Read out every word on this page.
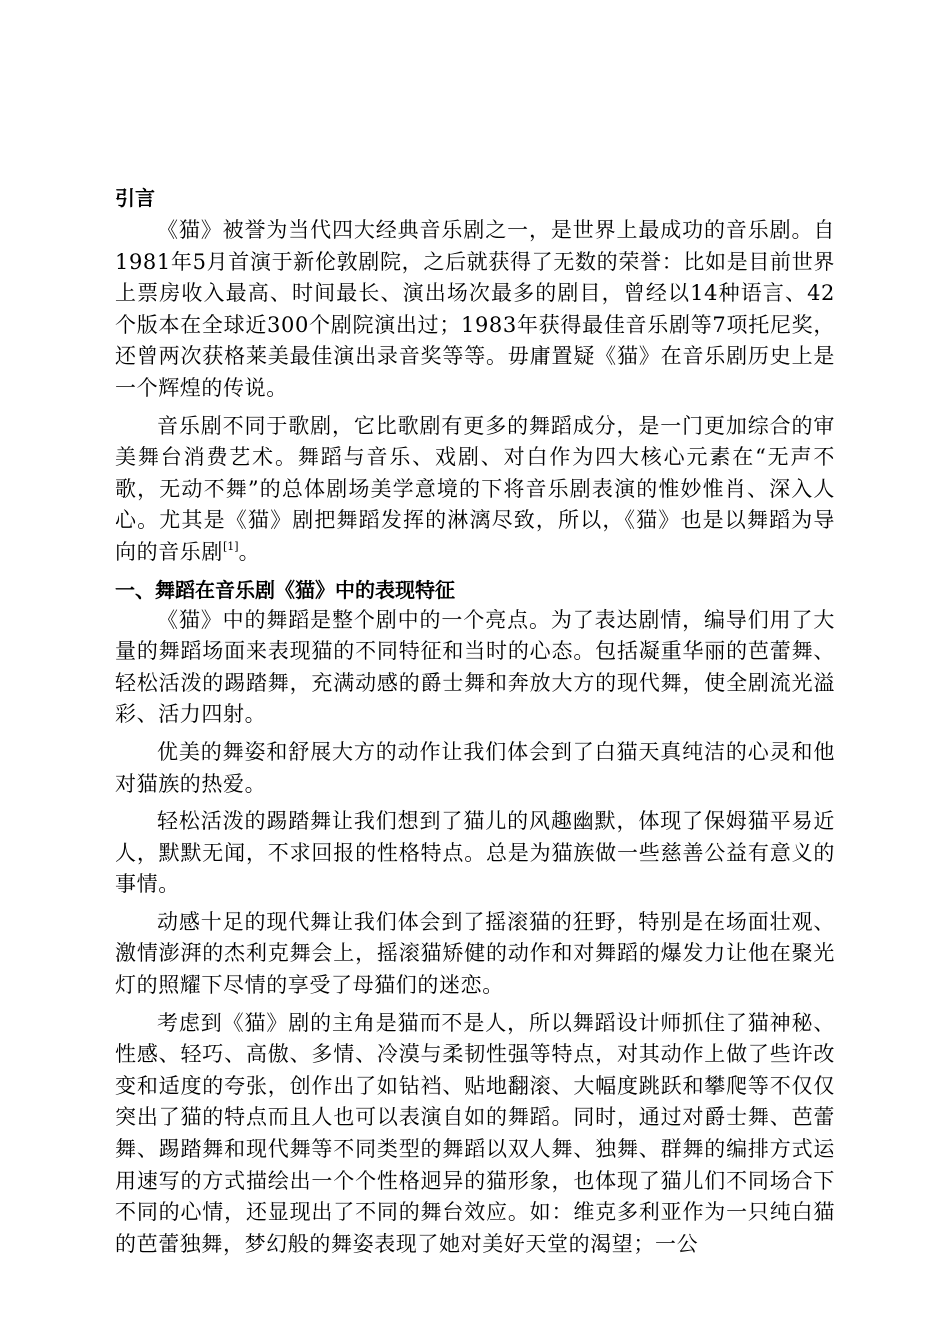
引言

《猫》被誉为当代四大经典音乐剧之一，是世界上最成功的音乐剧。自1981年5月首演于新伦敦剧院，之后就获得了无数的荣誉：比如是目前世界上票房收入最高、时间最长、演出场次最多的剧目，曾经以14种语言、42个版本在全球近300个剧院演出过；1983年获得最佳音乐剧等7项托尼奖，还曾两次获格莱美最佳演出录音奖等等。毋庸置疑《猫》在音乐剧历史上是一个辉煌的传说。

音乐剧不同于歌剧，它比歌剧有更多的舞蹈成分，是一门更加综合的审美舞台消费艺术。舞蹈与音乐、戏剧、对白作为四大核心元素在“无声不歌，无动不舞”的总体剧场美学意境的下将音乐剧表演的惟妙惟肖、深入人心。尤其是《猫》剧把舞蹈发挥的淋漓尽致，所以，《猫》也是以舞蹈为导向的音乐剧[1]。

一、舞蹈在音乐剧《猫》中的表现特征

《猫》中的舞蹈是整个剧中的一个亮点。为了表达剧情，编导们用了大量的舞蹈场面来表现猫的不同特征和当时的心态。包括凝重华丽的芭蕾舞、轻松活泼的踢踏舞，充满动感的爵士舞和奔放大方的现代舞，使全剧流光溢彩、活力四射。

优美的舞姿和舒展大方的动作让我们体会到了白猫天真纯洁的心灵和他对猫族的热爱。

轻松活泼的踢踏舞让我们想到了猫儿的风趣幽默，体现了保姆猫平易近人，默默无闻，不求回报的性格特点。总是为猫族做一些慈善公益有意义的事情。

动感十足的现代舞让我们体会到了摇滚猫的狂野，特别是在场面壮观、激情澎湃的杰利克舞会上，摇滚猫矫健的动作和对舞蹈的爆发力让他在聚光灯的照耀下尽情的享受了母猫们的迷恋。

考虑到《猫》剧的主角是猫而不是人，所以舞蹈设计师抓住了猫神秘、性感、轻巧、高傲、多情、冷漠与柔韧性强等特点，对其动作上做了些许改变和适度的夸张，创作出了如钻裆、贴地翻滚、大幅度跳跃和攀爬等不仅仅突出了猫的特点而且人也可以表演自如的舞蹈。同时，通过对爵士舞、芭蕾舞、踢踏舞和现代舞等不同类型的舞蹈以双人舞、独舞、群舞的编排方式运用速写的方式描绘出一个个性格迥异的猫形象，也体现了猫儿们不同场合下不同的心情，还显现出了不同的舞台效应。如：维克多利亚作为一只纯白猫的芭蕾独舞，梦幻般的舞姿表现了她对美好天堂的渴望；一公
